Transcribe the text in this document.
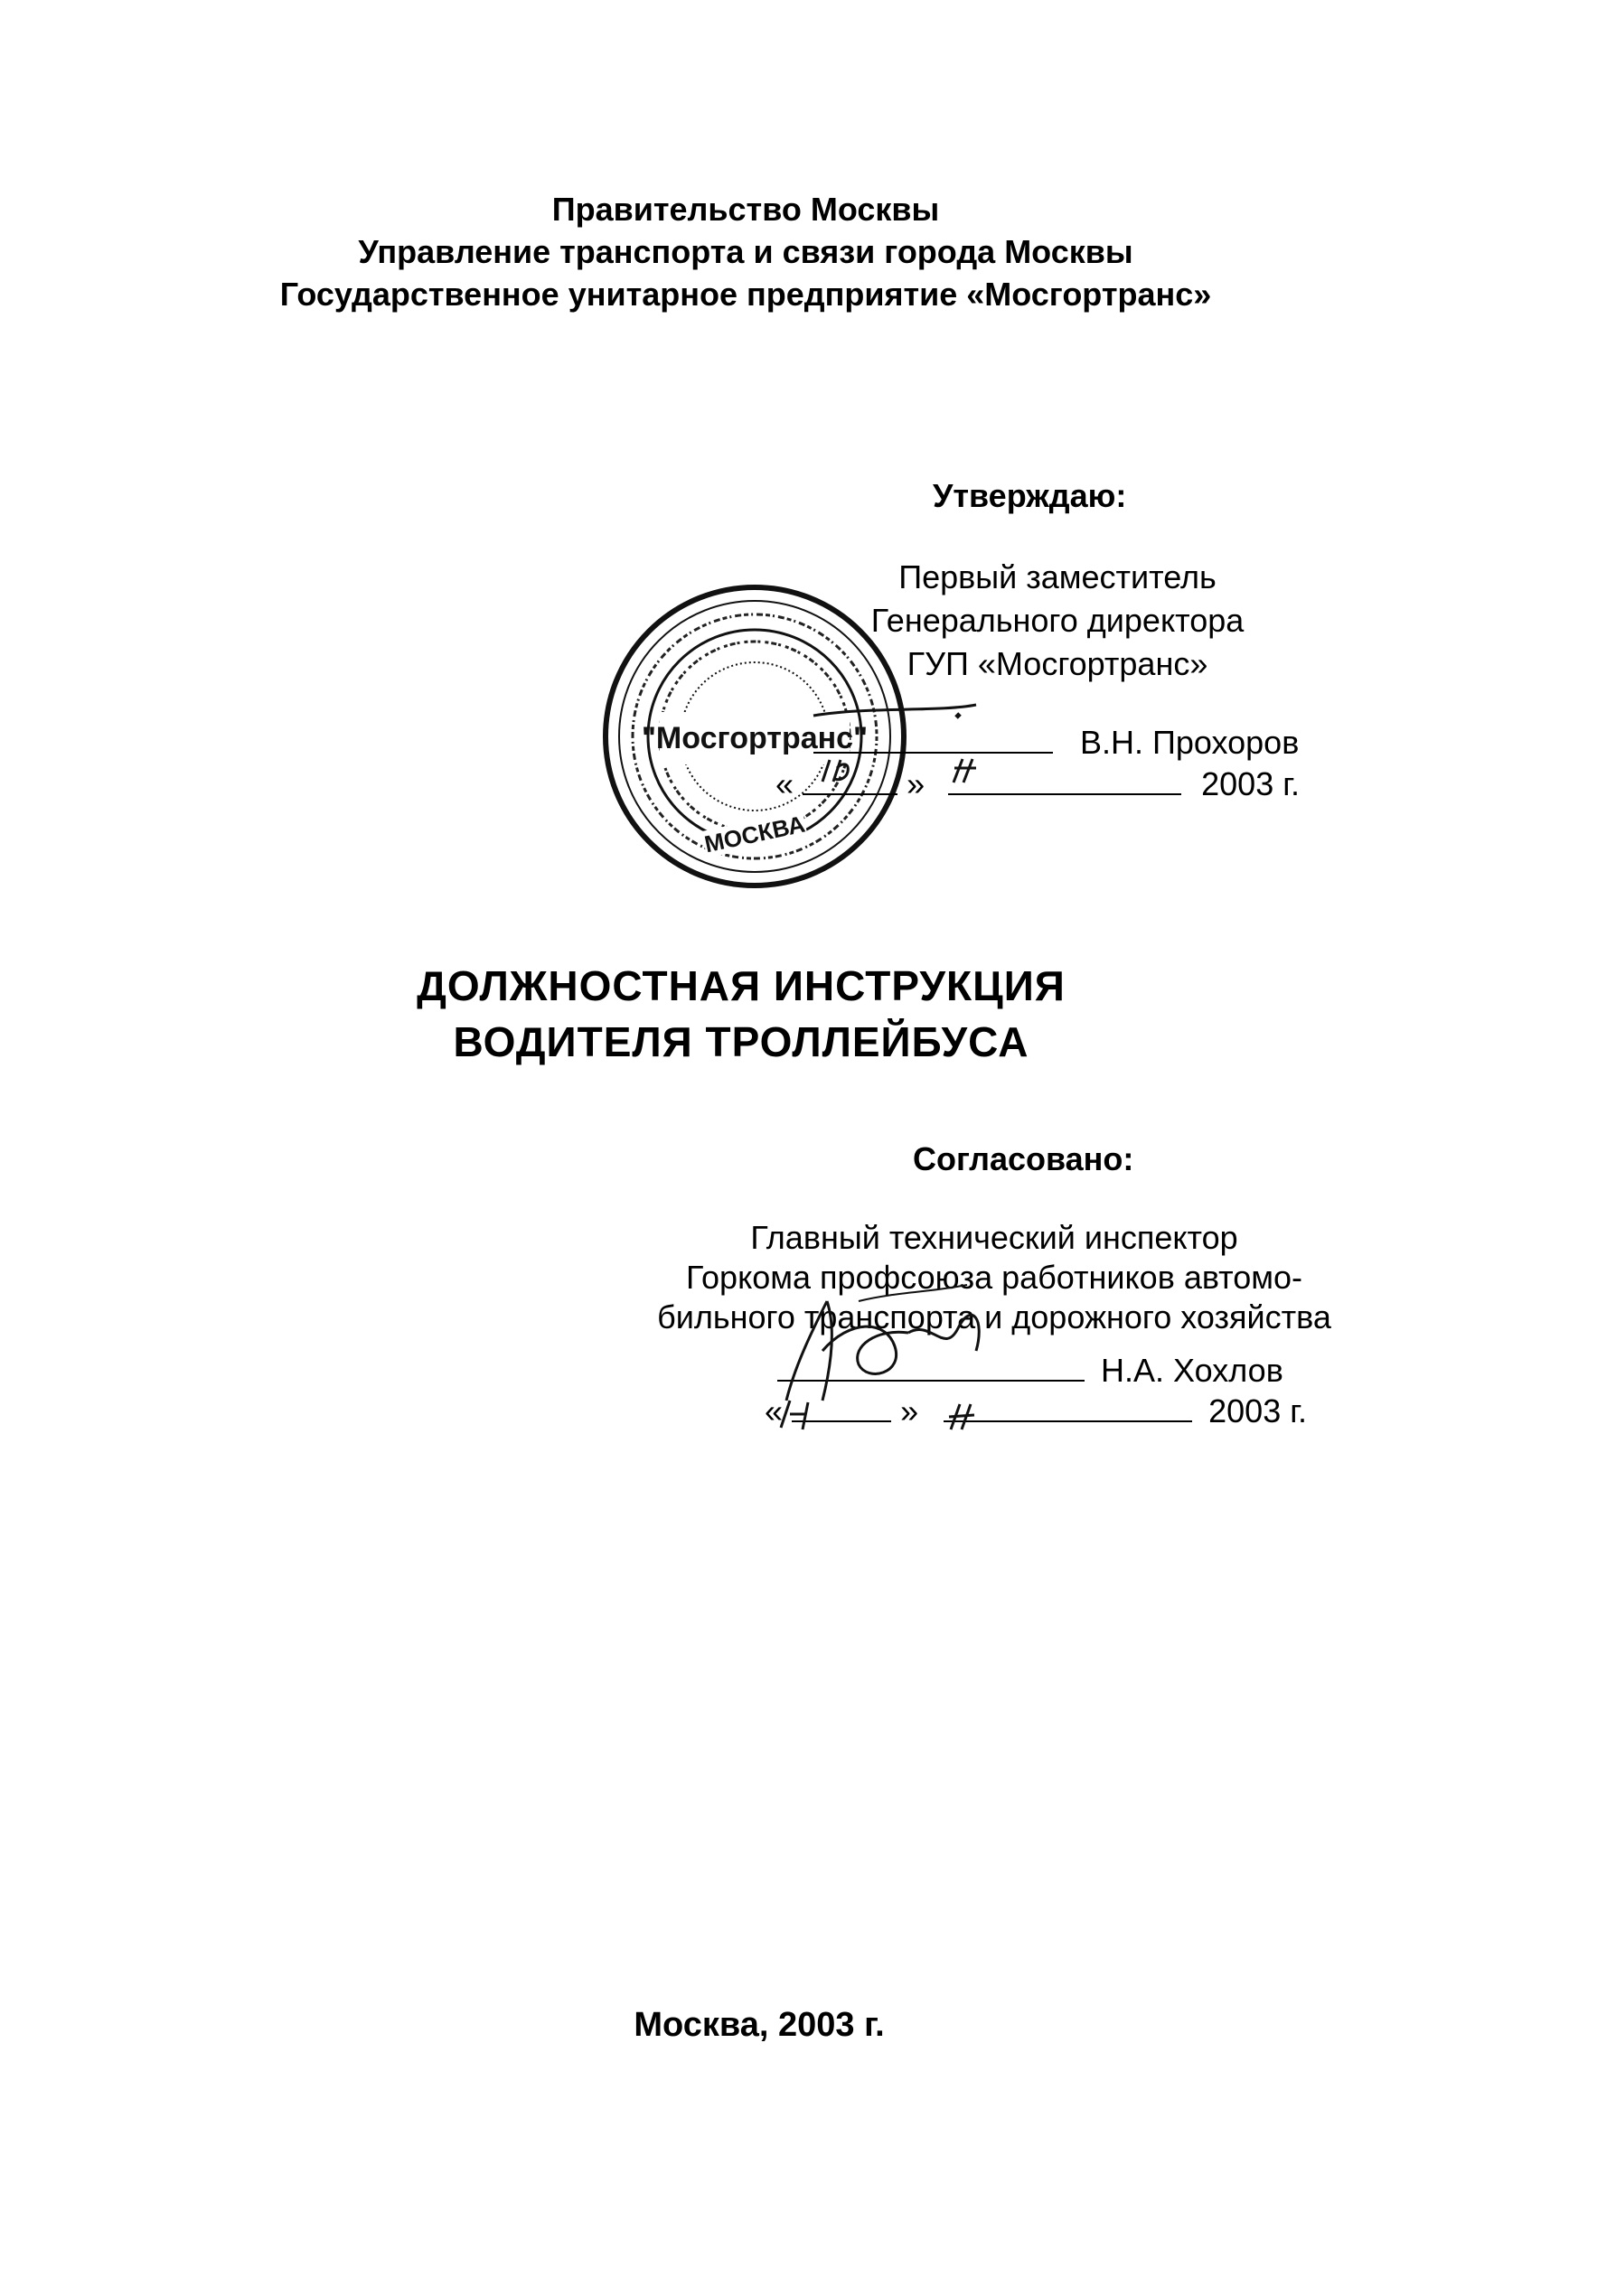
Правительство Москвы
Управление транспорта и связи города Москвы
Государственное унитарное предприятие «Мосгортранс»
"Мосгортранс"
МОСКВА
Утверждаю:
Первый заместитель
Генерального директора
ГУП «Мосгортранс»
В.Н. Прохоров
«	»	2003 г.
ДОЛЖНОСТНАЯ ИНСТРУКЦИЯ
ВОДИТЕЛЯ ТРОЛЛЕЙБУСА
Согласовано:
Главный технический инспектор
Горкома профсоюза работников автомо-
бильного транспорта и дорожного хозяйства
Н.А. Хохлов
«	»	2003 г.
Москва, 2003 г.
